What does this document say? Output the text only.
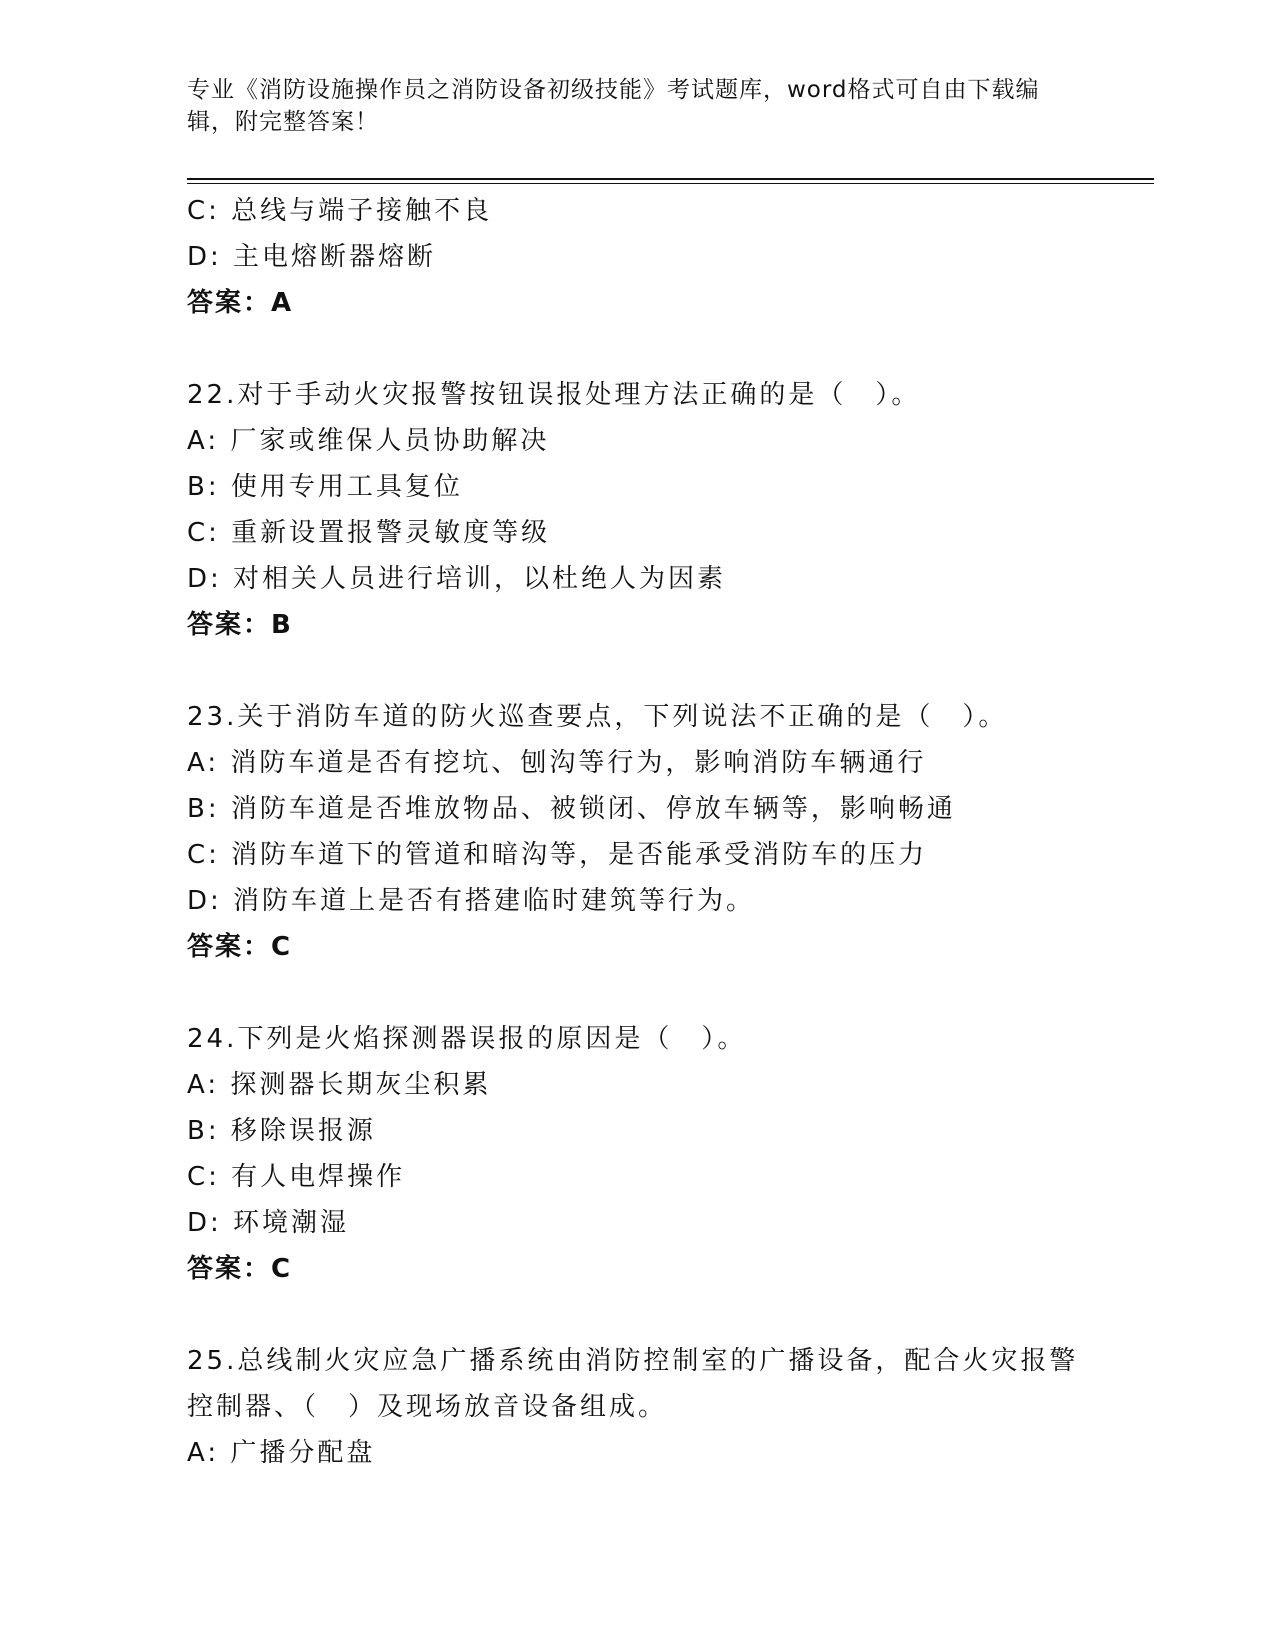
专业《消防设施操作员之消防设备初级技能》考试题库，word格式可自由下载编
辑，附完整答案！
C: 总线与端子接触不良
D: 主电熔断器熔断
答案：A
22.对于手动火灾报警按钮误报处理方法正确的是（　）。
A: 厂家或维保人员协助解决
B: 使用专用工具复位
C: 重新设置报警灵敏度等级
D: 对相关人员进行培训，以杜绝人为因素
答案：B
23.关于消防车道的防火巡查要点，下列说法不正确的是（　）。
A: 消防车道是否有挖坑、刨沟等行为，影响消防车辆通行
B: 消防车道是否堆放物品、被锁闭、停放车辆等，影响畅通
C: 消防车道下的管道和暗沟等，是否能承受消防车的压力
D: 消防车道上是否有搭建临时建筑等行为。
答案：C
24.下列是火焰探测器误报的原因是（　）。
A: 探测器长期灰尘积累
B: 移除误报源
C: 有人电焊操作
D: 环境潮湿
答案：C
25.总线制火灾应急广播系统由消防控制室的广播设备，配合火灾报警
控制器、（　）及现场放音设备组成。
A: 广播分配盘
